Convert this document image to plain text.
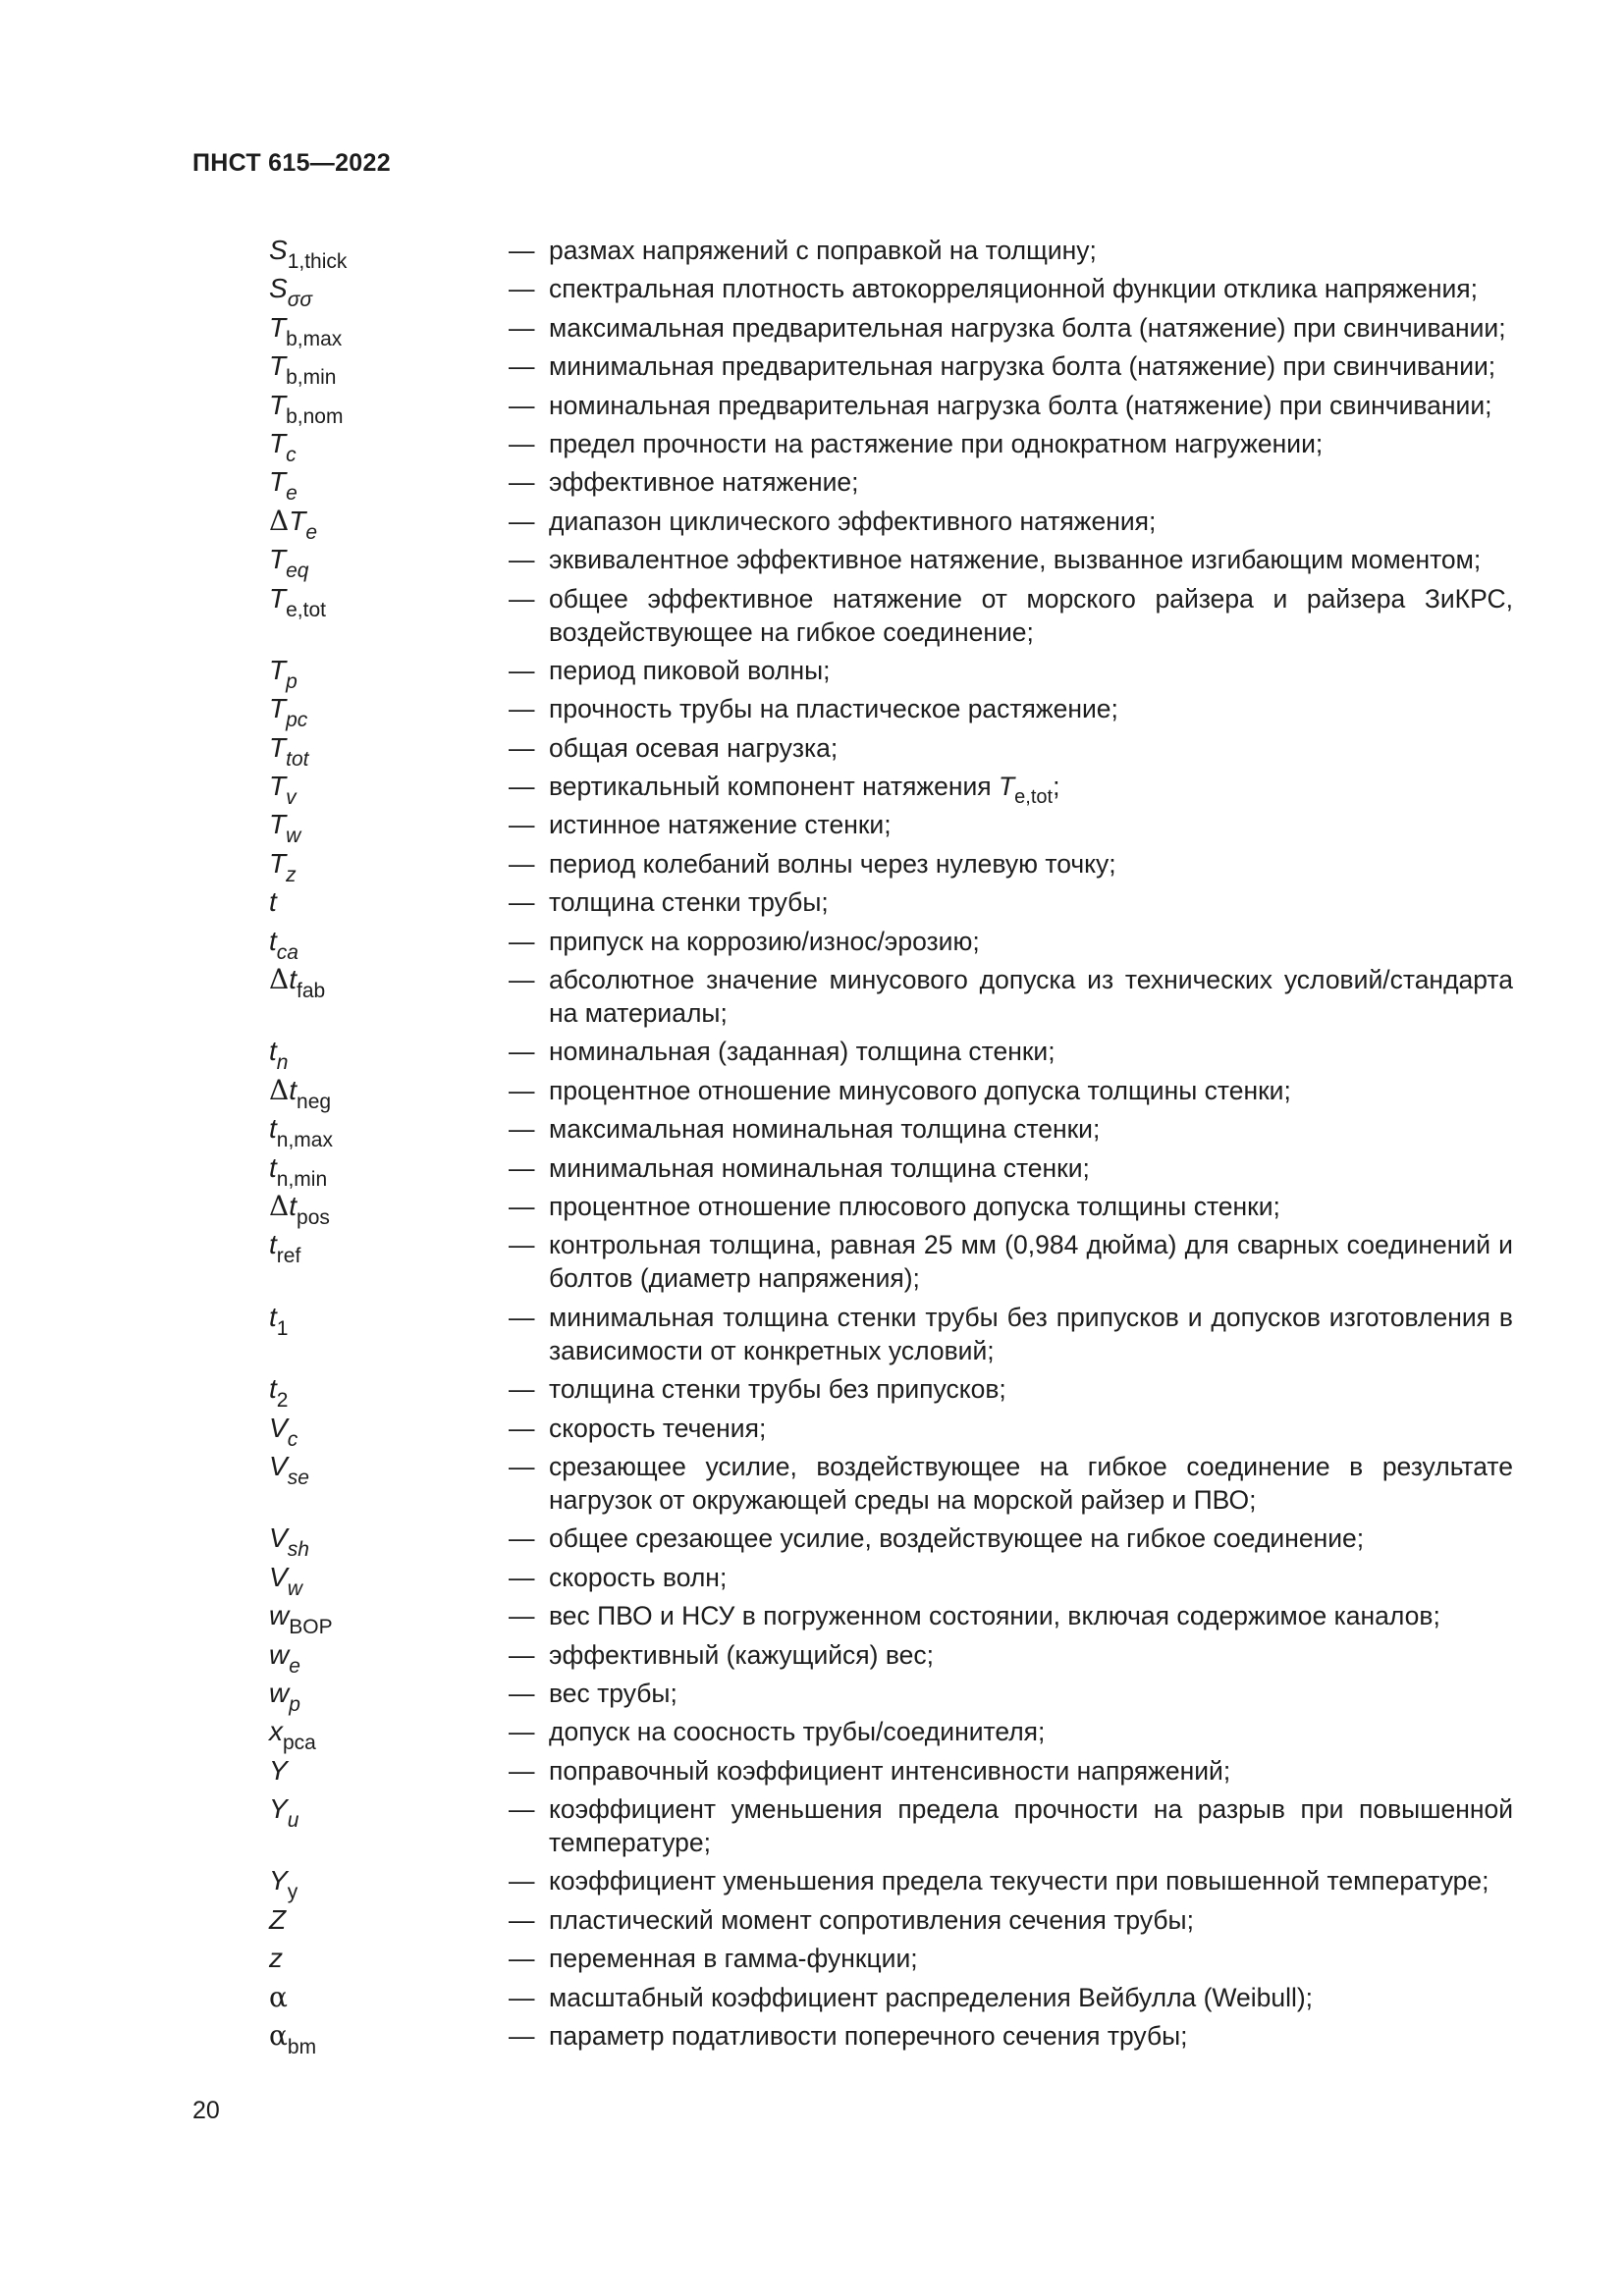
ПНСТ 615—2022
$S_{1,thick}$	— размах напряжений с поправкой на толщину;
$S_{\sigma\sigma}$	— спектральная плотность автокорреляционной функции отклика напряжения;
$T_{b,max}$	— максимальная предварительная нагрузка болта (натяжение) при свинчивании;
$T_{b,min}$	— минимальная предварительная нагрузка болта (натяжение) при свинчивании;
$T_{b,nom}$	— номинальная предварительная нагрузка болта (натяжение) при свинчивании;
$T_c$	— предел прочности на растяжение при однократном нагружении;
$T_e$	— эффективное натяжение;
$\Delta T_e$	— диапазон циклического эффективного натяжения;
$T_{eq}$	— эквивалентное эффективное натяжение, вызванное изгибающим моментом;
$T_{e,tot}$	— общее эффективное натяжение от морского райзера и райзера ЗиКРС, воздействующее на гибкое соединение;
$T_p$	— период пиковой волны;
$T_{pc}$	— прочность трубы на пластическое растяжение;
$T_{tot}$	— общая осевая нагрузка;
$T_v$	— вертикальный компонент натяжения $T_{e,tot}$;
$T_w$	— истинное натяжение стенки;
$T_z$	— период колебаний волны через нулевую точку;
t	— толщина стенки трубы;
$t_{ca}$	— припуск на коррозию/износ/эрозию;
$\Delta t_{fab}$	— абсолютное значение минусового допуска из технических условий/стандарта на материалы;
$t_n$	— номинальная (заданная) толщина стенки;
$\Delta t_{neg}$	— процентное отношение минусового допуска толщины стенки;
$t_{n,max}$	— максимальная номинальная толщина стенки;
$t_{n,min}$	— минимальная номинальная толщина стенки;
$\Delta t_{pos}$	— процентное отношение плюсового допуска толщины стенки;
$t_{ref}$	— контрольная толщина, равная 25 мм (0,984 дюйма) для сварных соединений и болтов (диаметр напряжения);
$t_1$	— минимальная толщина стенки трубы без припусков и допусков изготовления в зависимости от конкретных условий;
$t_2$	— толщина стенки трубы без припусков;
$V_c$	— скорость течения;
$V_{se}$	— срезающее усилие, воздействующее на гибкое соединение в результате нагрузок от окружающей среды на морской райзер и ПВО;
$V_{sh}$	— общее срезающее усилие, воздействующее на гибкое соединение;
$V_w$	— скорость волн;
$w_{BOP}$	— вес ПВО и НСУ в погруженном состоянии, включая содержимое каналов;
$w_e$	— эффективный (кажущийся) вес;
$w_p$	— вес трубы;
$x_{pca}$	— допуск на соосность трубы/соединителя;
Y	— поправочный коэффициент интенсивности напряжений;
$Y_u$	— коэффициент уменьшения предела прочности на разрыв при повышенной температуре;
$Y_y$	— коэффициент уменьшения предела текучести при повышенной температуре;
Z	— пластический момент сопротивления сечения трубы;
z	— переменная в гамма-функции;
α	— масштабный коэффициент распределения Вейбулла (Weibull);
$\alpha_{bm}$	— параметр податливости поперечного сечения трубы;
20
